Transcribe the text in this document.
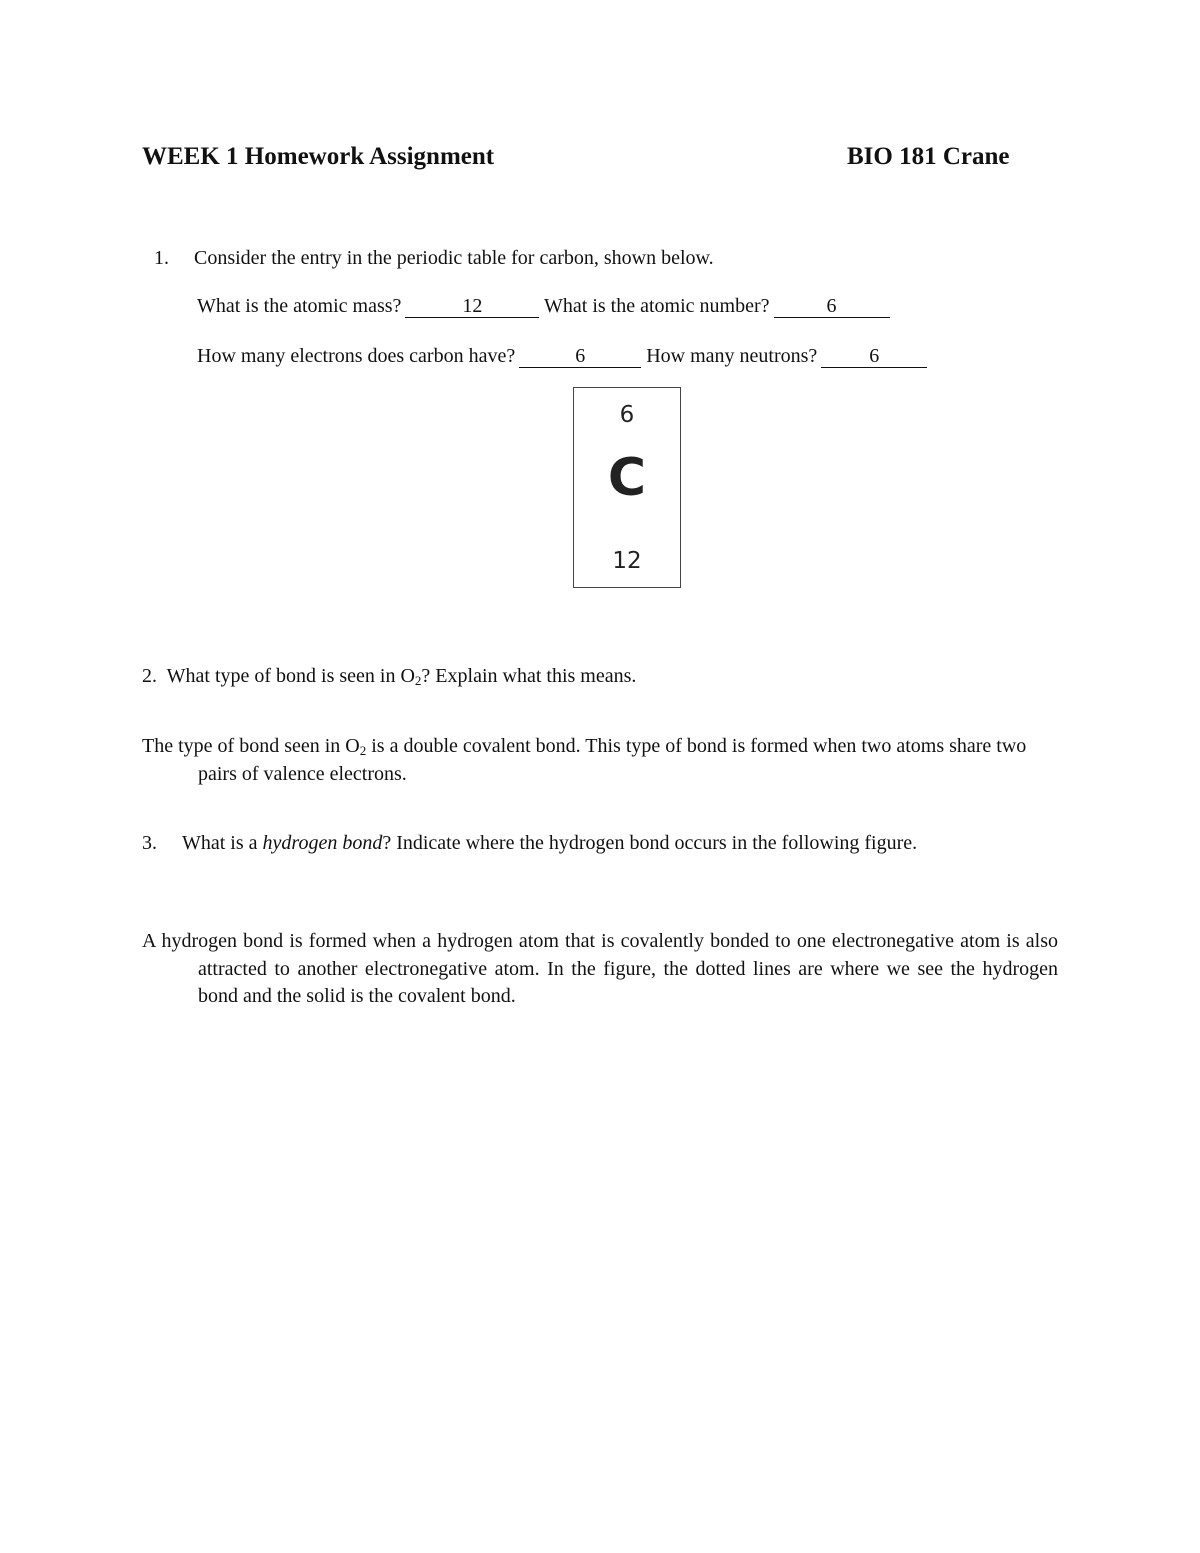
WEEK 1 Homework Assignment	BIO 181 Crane
1. Consider the entry in the periodic table for carbon, shown below.
What is the atomic mass?	12	What is the atomic number?	6
How many electrons does carbon have?	6	How many neutrons?	6
6
C
12
2. What type of bond is seen in $O_2$? Explain what this means.
The type of bond seen in $O_2$ is a double covalent bond. This type of bond is formed when two atoms share two pairs of valence electrons.
3. What is a hydrogen bond? Indicate where the hydrogen bond occurs in the following figure.
A hydrogen bond is formed when a hydrogen atom that is covalently bonded to one electronegative atom is also attracted to another electronegative atom. In the figure, the dotted lines are where we see the hydrogen bond and the solid is the covalent bond.
